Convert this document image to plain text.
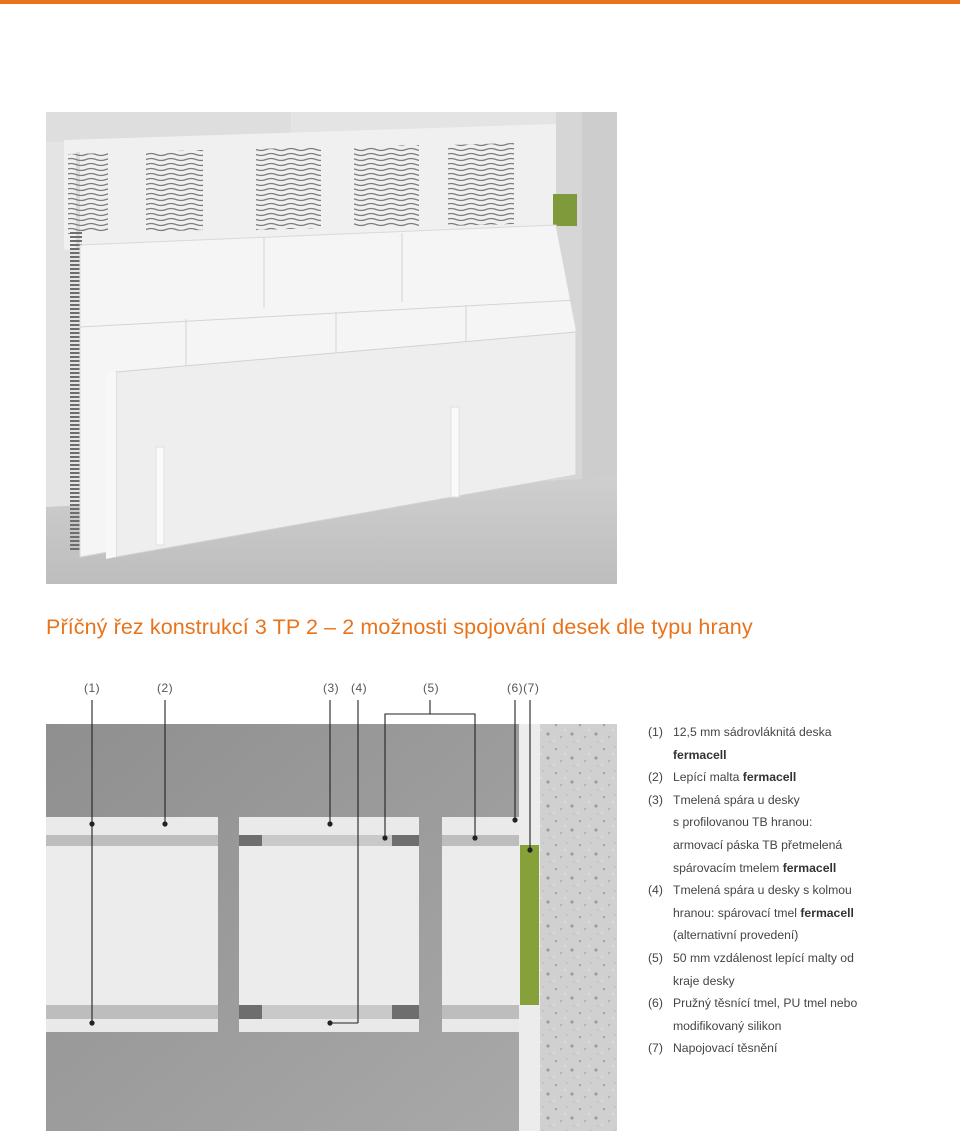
Příčný řez konstrukcí 3 TP 2 – 2 možnosti spojování desek dle typu hrany
(1)	(2)	(3) (4)	(5)	(6)(7)
(1) 12,5 mm sádrovláknitá deska
fermacell
(2) Lepící malta fermacell
(3) Tmelená spára u desky
s profilovanou TB hranou:
armovací páska TB přetmelená
spárovacím tmelem fermacell
(4) Tmelená spára u desky s kolmou
hranou: spárovací tmel fermacell
(alternativní provedení)
(5) 50 mm vzdálenost lepící malty od
kraje desky
(6) Pružný těsnící tmel, PU tmel nebo
modifikovaný silikon
(7) Napojovací těsnění
